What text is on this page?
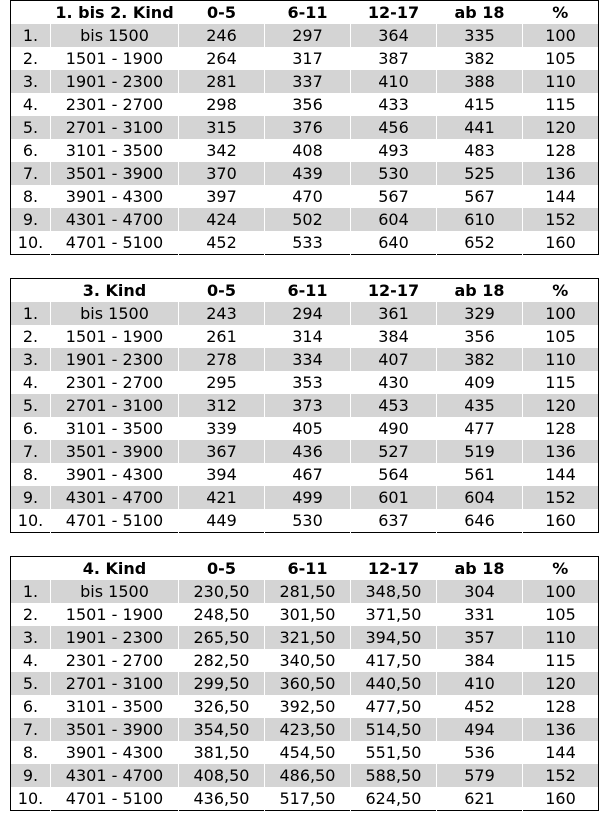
	1. bis 2. Kind	0-5	6-11	12-17	ab 18	%
1.	bis 1500	246	297	364	335	100
2.	1501 - 1900	264	317	387	382	105
3.	1901 - 2300	281	337	410	388	110
4.	2301 - 2700	298	356	433	415	115
5.	2701 - 3100	315	376	456	441	120
6.	3101 - 3500	342	408	493	483	128
7.	3501 - 3900	370	439	530	525	136
8.	3901 - 4300	397	470	567	567	144
9.	4301 - 4700	424	502	604	610	152
10.	4701 - 5100	452	533	640	652	160
	3. Kind	0-5	6-11	12-17	ab 18	%
1.	bis 1500	243	294	361	329	100
2.	1501 - 1900	261	314	384	356	105
3.	1901 - 2300	278	334	407	382	110
4.	2301 - 2700	295	353	430	409	115
5.	2701 - 3100	312	373	453	435	120
6.	3101 - 3500	339	405	490	477	128
7.	3501 - 3900	367	436	527	519	136
8.	3901 - 4300	394	467	564	561	144
9.	4301 - 4700	421	499	601	604	152
10.	4701 - 5100	449	530	637	646	160
	4. Kind	0-5	6-11	12-17	ab 18	%
1.	bis 1500	230,50	281,50	348,50	304	100
2.	1501 - 1900	248,50	301,50	371,50	331	105
3.	1901 - 2300	265,50	321,50	394,50	357	110
4.	2301 - 2700	282,50	340,50	417,50	384	115
5.	2701 - 3100	299,50	360,50	440,50	410	120
6.	3101 - 3500	326,50	392,50	477,50	452	128
7.	3501 - 3900	354,50	423,50	514,50	494	136
8.	3901 - 4300	381,50	454,50	551,50	536	144
9.	4301 - 4700	408,50	486,50	588,50	579	152
10.	4701 - 5100	436,50	517,50	624,50	621	160
